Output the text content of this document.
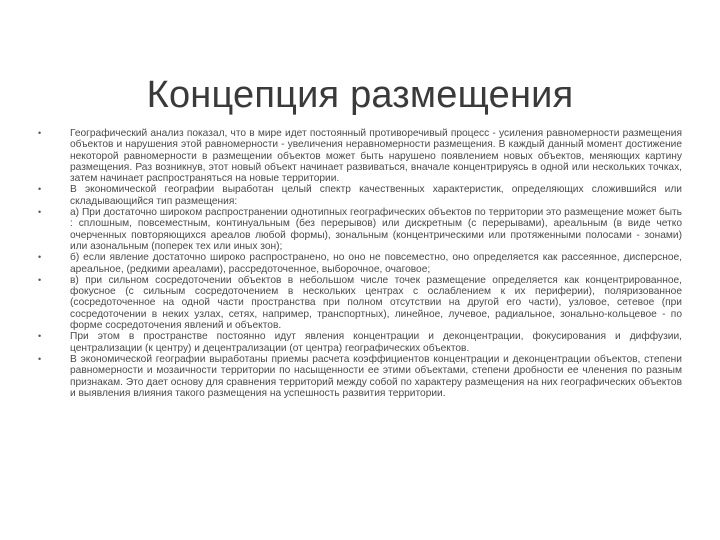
Концепция размещения
•	Географический анализ показал, что в мире идет постоянный противоречивый процесс - усиления равномерности размещения объектов и нарушения этой равномерности - увеличения неравномерности размещения. В каждый данный момент достижение некоторой равномерности в размещении объектов может быть нарушено появлением новых объектов, меняющих картину размещения. Раз возникнув, этот новый объект начинает развиваться, вначале концентрируясь в одной или нескольких точках, затем начинает распространяться на новые территории.
•	В экономической географии выработан целый спектр качественных характеристик, определяющих сложившийся или складывающийся тип размещения:
•	а) При достаточно широком распространении однотипных географических объектов по территории это размещение может быть : сплошным, повсеместным, континуальным (без перерывов) или дискретным (с перерывами), ареальным (в виде четко очерченных повторяющихся ареалов любой формы), зональным (концентрическими или протяженными полосами - зонами) или азональным (поперек тех или иных зон);
•	б) если явление достаточно широко распространено, но оно не повсеместно, оно определяется как рассеянное, дисперсное, ареальное, (редкими ареалами), рассредоточенное, выборочное, очаговое;
•	в) при сильном сосредоточении объектов в небольшом числе точек размещение определяется как концентрированное, фокусное (с сильным сосредоточением в нескольких центрах с ослаблением к их периферии), поляризованное (сосредоточенное на одной части пространства при полном отсутствии на другой его части), узловое, сетевое (при сосредоточении в неких узлах, сетях, например, транспортных), линейное, лучевое, радиальное, зонально-кольцевое - по форме сосредоточения явлений и объектов.
•	При этом в пространстве постоянно идут явления концентрации и деконцентрации, фокусирования и диффузии, централизации (к центру) и децентрализации (от центра) географических объектов.
•	В экономической географии выработаны приемы расчета коэффициентов концентрации и деконцентрации объектов, степени равномерности и мозаичности территории по насыщенности ее этими объектами, степени дробности ее членения по разным признакам. Это дает основу для сравнения территорий между собой по характеру размещения на них географических объектов и выявления влияния такого размещения на успешность развития территории.
